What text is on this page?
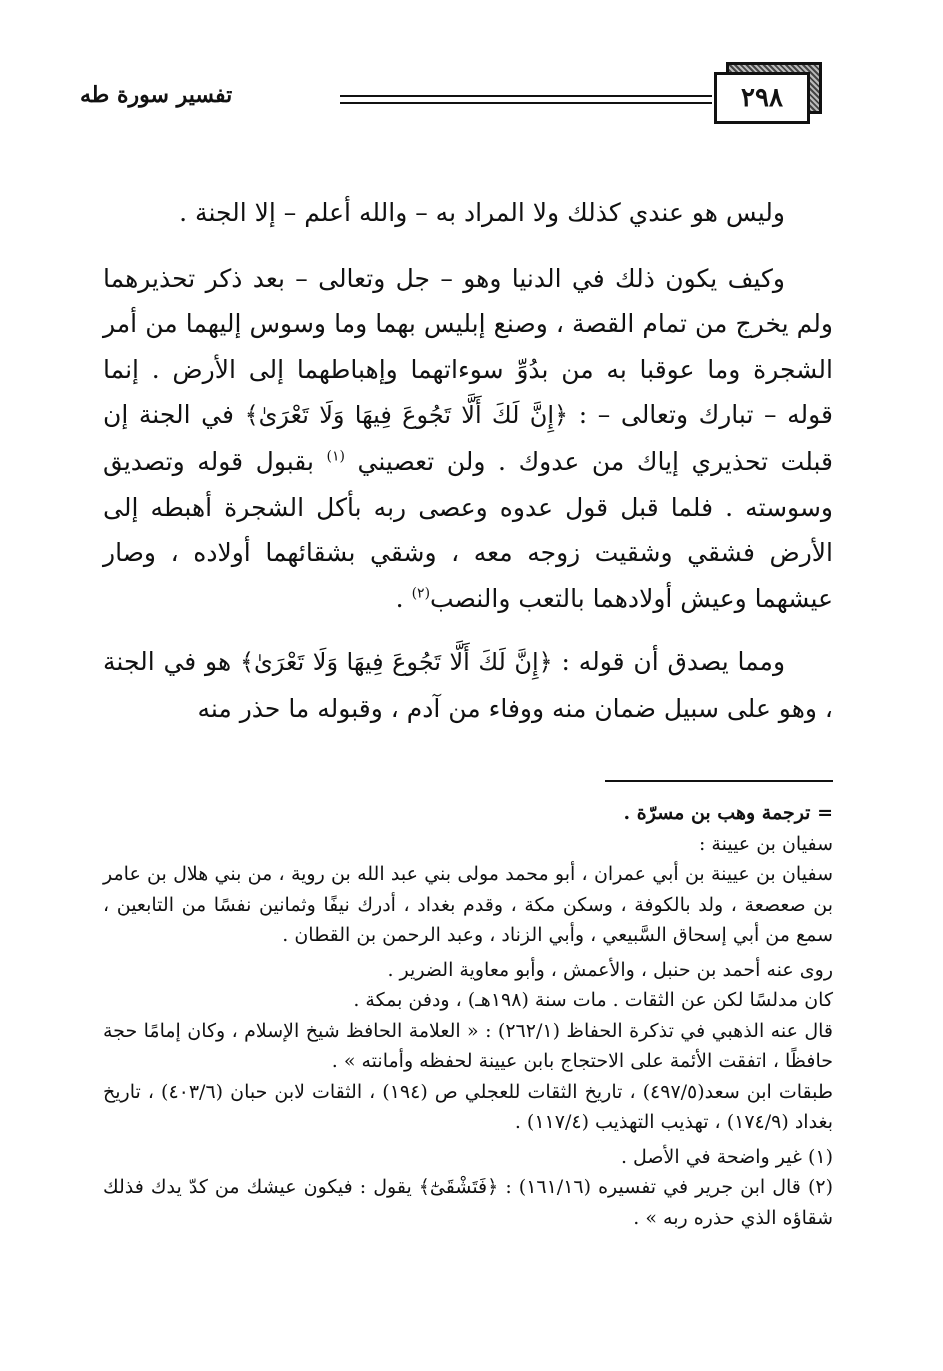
٢٩٨
تفسير سورة طه

وليس هو عندي كذلك ولا المراد به – والله أعلم – إلا الجنة .

وكيف يكون ذلك في الدنيا وهو – جل وتعالى – بعد ذكر تحذيرهما ولم يخرج من تمام القصة ، وصنع إبليس بهما وما وسوس إليهما من أمر الشجرة وما عوقبا به من بدُوِّ سوءاتهما وإهباطهما إلى الأرض . إنما قوله – تبارك وتعالى – : ﴿إِنَّ لَكَ أَلَّا تَجُوعَ فِيهَا وَلَا تَعْرَىٰ﴾ في الجنة إن قبلت تحذيري إياك من عدوك . ولن تعصيني $^{(١)}$ بقبول قوله وتصديق وسوسته . فلما قبل قول عدوه وعصى ربه بأكل الشجرة أهبطه إلى الأرض فشقي وشقيت زوجه معه ، وشقي بشقائهما أولاده ، وصار عيشهما وعيش أولادهما بالتعب والنصب$^{(٢)}$ .

ومما يصدق أن قوله : ﴿إِنَّ لَكَ أَلَّا تَجُوعَ فِيهَا وَلَا تَعْرَىٰ﴾ هو في الجنة ، وهو على سبيل ضمان منه ووفاء من آدم ، وقبوله ما حذر منه

= ترجمة وهب بن مسرّة .

سفيان بن عيينة :

سفيان بن عيينة بن أبي عمران ، أبو محمد مولى بني عبد الله بن روية ، من بني هلال بن عامر بن صعصعة ، ولد بالكوفة ، وسكن مكة ، وقدم بغداد ، أدرك نيفًا وثمانين نفسًا من التابعين ، سمع من أبي إسحاق السَّبيعي ، وأبي الزناد ، وعبد الرحمن بن القطان .

روى عنه أحمد بن حنبل ، والأعمش ، وأبو معاوية الضرير .

كان مدلسًا لكن عن الثقات . مات سنة (١٩٨هـ) ، ودفن بمكة .

قال عنه الذهبي في تذكرة الحفاظ (٢٦٢/١) : « العلامة الحافظ شيخ الإسلام ، وكان إمامًا حجة حافظًا ، اتفقت الأئمة على الاحتجاج بابن عيينة لحفظه وأمانته » .

طبقات ابن سعد(٤٩٧/٥) ، تاريخ الثقات للعجلي ص (١٩٤) ، الثقات لابن حبان (٤٠٣/٦) ، تاريخ بغداد (١٧٤/٩) ، تهذيب التهذيب (١١٧/٤) .

(١) غير واضحة في الأصل .

(٢) قال ابن جرير في تفسيره (١٦١/١٦) : ﴿فَتَشْقَىٰٓ﴾ يقول : فيكون عيشك من كدّ يدك فذلك شقاؤه الذي حذره ربه » .
